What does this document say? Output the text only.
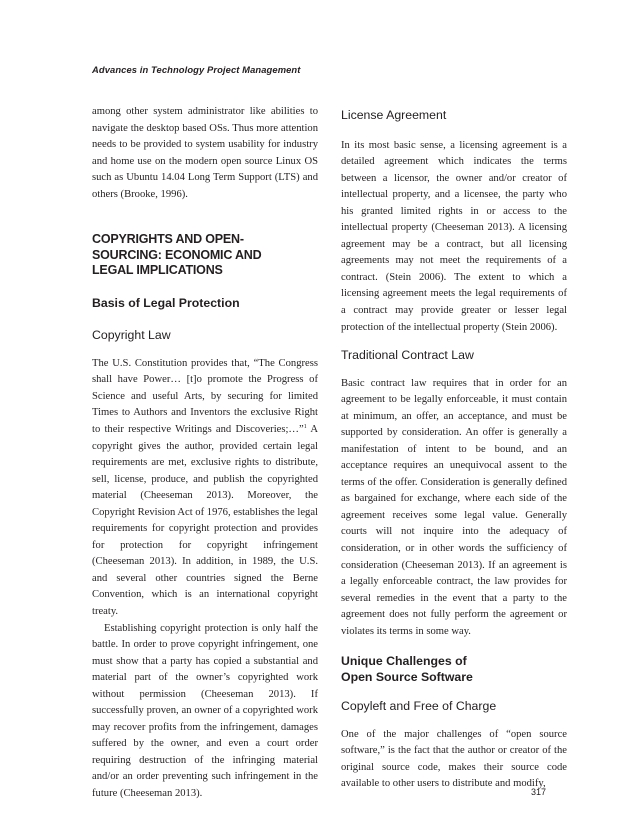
Advances in Technology Project Management

among other system administrator like abilities to navigate the desktop based OSs. Thus more attention needs to be provided to system usability for industry and home use on the modern open source Linux OS such as Ubuntu 14.04 Long Term Support (LTS) and others (Brooke, 1996).

COPYRIGHTS AND OPEN-
SOURCING: ECONOMIC AND
LEGAL IMPLICATIONS
Basis of Legal Protection
Copyright Law

The U.S. Constitution provides that, “The Congress shall have Power… [t]o promote the Progress of Science and useful Arts, by securing for limited Times to Authors and Inventors the exclusive Right to their respective Writings and Discoveries;…”$^1$ A copyright gives the author, provided certain legal requirements are met, exclusive rights to distribute, sell, license, produce, and publish the copyrighted material (Cheeseman 2013). Moreover, the Copyright Revision Act of 1976, establishes the legal requirements for copyright protection and provides for protection for copyright infringement (Cheeseman 2013). In addition, in 1989, the U.S. and several other countries signed the Berne Convention, which is an international copyright treaty.

Establishing copyright protection is only half the battle. In order to prove copyright infringement, one must show that a party has copied a substantial and material part of the owner’s copyrighted work without permission (Cheeseman 2013). If successfully proven, an owner of a copyrighted work may recover profits from the infringement, damages suffered by the owner, and even a court order requiring destruction of the infringing material and/or an order preventing such infringement in the future (Cheeseman 2013).

License Agreement

In its most basic sense, a licensing agreement is a detailed agreement which indicates the terms between a licensor, the owner and/or creator of intellectual property, and a licensee, the party who his granted limited rights in or access to the intellectual property (Cheeseman 2013). A licensing agreement may be a contract, but all licensing agreements may not meet the requirements of a contract. (Stein 2006). The extent to which a licensing agreement meets the legal requirements of a contract may provide greater or lesser legal protection of the intellectual property (Stein 2006).

Traditional Contract Law

Basic contract law requires that in order for an agreement to be legally enforceable, it must contain at minimum, an offer, an acceptance, and must be supported by consideration. An offer is generally a manifestation of intent to be bound, and an acceptance requires an unequivocal assent to the terms of the offer. Consideration is generally defined as bargained for exchange, where each side of the agreement receives some legal value. Generally courts will not inquire into the adequacy of consideration, or in other words the sufficiency of consideration (Cheeseman 2013). If an agreement is a legally enforceable contract, the law provides for several remedies in the event that a party to the agreement does not fully perform the agreement or violates its terms in some way.

Unique Challenges of
Open Source Software
Copyleft and Free of Charge

One of the major challenges of “open source software,” is the fact that the author or creator of the original source code, makes their source code available to other users to distribute and modify,

317
